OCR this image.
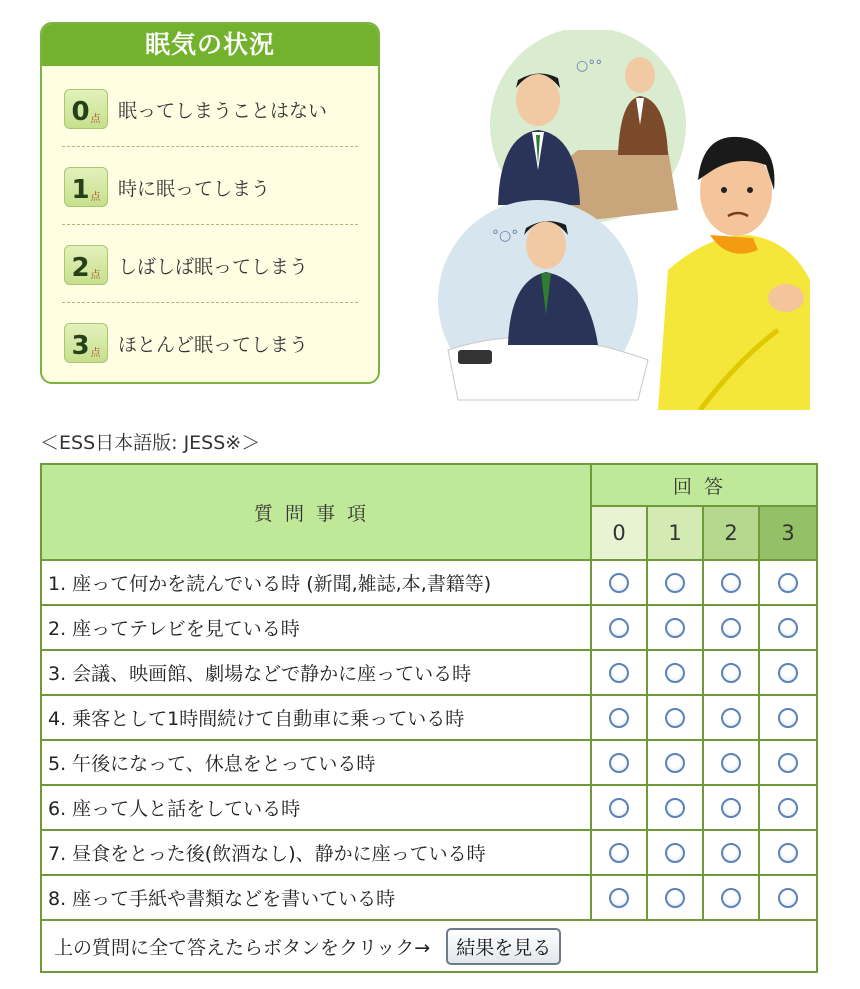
眠気の状況
0 点 眠ってしまうことはない
1 点 時に眠ってしまう
2 点 しばしば眠ってしまう
3 点 ほとんど眠ってしまう
○°°
°○°
＜ESS日本語版: JESS※＞
質問事項	回答			
	0	1	2	3
1. 座って何かを読んでいる時 (新聞,雑誌,本,書籍等)				
2. 座ってテレビを見ている時				
3. 会議、映画館、劇場などで静かに座っている時				
4. 乗客として1時間続けて自動車に乗っている時				
5. 午後になって、休息をとっている時				
6. 座って人と話をしている時				
7. 昼食をとった後(飲酒なし)、静かに座っている時				
8. 座って手紙や書類などを書いている時				
上の質問に全て答えたらボタンをクリック→ 結果を見る				
